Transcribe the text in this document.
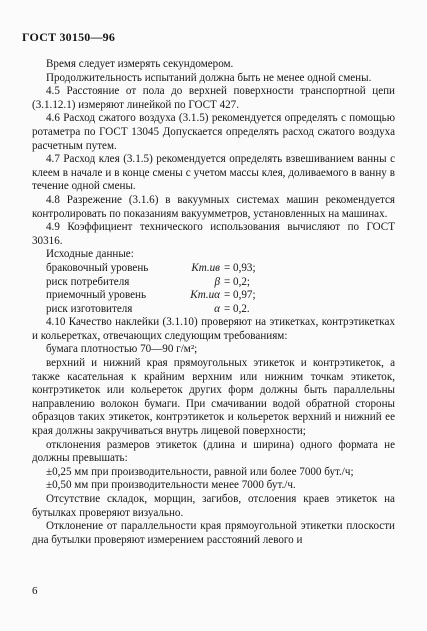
ГОСТ 30150—96

Время следует измерять секундомером.

Продолжительность испытаний должна быть не менее одной смены.

4.5 Расстояние от пола до верхней поверхности транспортной цепи (3.1.12.1) измеряют линейкой по ГОСТ 427.

4.6 Расход сжатого воздуха (3.1.5) рекомендуется определять с помощью ротаметра по ГОСТ 13045 Допускается определять расход сжатого воздуха расчетным путем.

4.7 Расход клея (3.1.5) рекомендуется определять взвешиванием ванны с клеем в начале и в конце смены с учетом массы клея, доливаемого в ванну в течение одной смены.

4.8 Разрежение (3.1.6) в вакуумных системах машин рекомендуется контролировать по показаниям вакуумметров, установленных на машинах.

4.9 Коэффициент технического использования вычисляют по ГОСТ 30316.

Исходные данные:

браковочный уровень	Kт.ив = 0,93;
риск потребителя	β = 0,2;
приемочный уровень	Kт.иα = 0,97;
риск изготовителя	α = 0,2.

4.10 Качество наклейки (3.1.10) проверяют на этикетках, контрэтикетках и кольеретках, отвечающих следующим требованиям:

бумага плотностью 70—90 г/м²;

верхний и нижний края прямоугольных этикеток и контрэтикеток, а также касательная к крайним верхним или нижним точкам этикеток, контрэтикеток или кольереток других форм должны быть параллельны направлению волокон бумаги. При смачивании водой обратной стороны образцов таких этикеток, контрэтикеток и кольереток верхний и нижний ее края должны закручиваться внутрь лицевой поверхности;

отклонения размеров этикеток (длина и ширина) одного формата не должны превышать:

±0,25 мм при производительности, равной или более 7000 бут./ч;

±0,50 мм при производительности менее 7000 бут./ч.

Отсутствие складок, морщин, загибов, отслоения краев этикеток на бутылках проверяют визуально.

Отклонение от параллельности края прямоугольной этикетки плоскости дна бутылки проверяют измерением расстояний левого и

6
